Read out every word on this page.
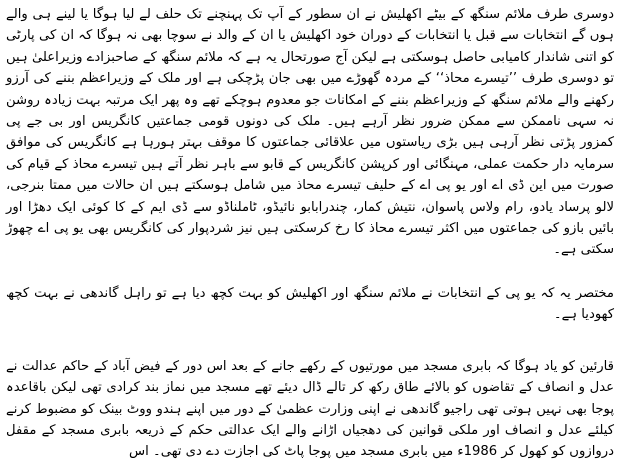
دوسری طرف ملائم سنگھ کے بیٹے اکھلیش نے ان سطور کے آپ تک پہنچنے تک حلف لے لیا ہوگا یا لینے ہی والے ہوں گے انتخابات سے قبل یا انتخابات کے دوران خود اکھلیش یا ان کے والد نے سوچا بھی نہ ہوگا کہ ان کی پارٹی کو اتنی شاندار کامیابی حاصل ہوسکتی ہے لیکن آج صورتحال یہ ہے کہ ملائم سنگھ کے صاحبزادے وزیراعلیٰ ہیں تو دوسری طرف ’’تیسرے محاذ‘‘ کے مردہ گھوڑے میں بھی جان پڑچکی ہے اور ملک کے وزیراعظم بننے کی آرزو رکھنے والے ملائم سنگھ کے وزیراعظم بننے کے امکانات جو معدوم ہوچکے تھے وہ پھر ایک مرتبہ بہت زیادہ روشن نہ سہی ناممکن سے ممکن ضرور نظر آرہے ہیں۔ ملک کی دونوں قومی جماعتیں کانگریس اور بی جے پی کمزور پڑتی نظر آرہی ہیں بڑی ریاستوں میں علاقائی جماعتوں کا موقف بہتر ہورہا ہے کانگریس کی موافق سرمایہ دار حکمت عملی، مہنگائی اور کرپشن کانگریس کے قابو سے باہر نظر آتے ہیں تیسرے محاذ کے قیام کی صورت میں این ڈی اے اور یو پی اے کے حلیف تیسرے محاذ میں شامل ہوسکتے ہیں ان حالات میں ممتا بنرجی، لالو پرساد یادو، رام ولاس پاسوان، نتیش کمار، چندرابابو نائیڈو، ٹاملناڈو سے ڈی ایم کے کا کوئی ایک دھڑا اور بائیں بازو کی جماعتوں میں اکثر تیسرے محاذ کا رخ کرسکتی ہیں نیز شردپوار کی کانگریس بھی یو پی اے چھوڑ سکتی ہے۔

مختصر یہ کہ یو پی کے انتخابات نے ملائم سنگھ اور اکھلیش کو بہت کچھ دیا ہے تو راہل گاندھی نے بہت کچھ کھودیا ہے۔

قارئین کو یاد ہوگا کہ بابری مسجد میں مورتیوں کے رکھے جانے کے بعد اس دور کے فیض آباد کے حاکم عدالت نے عدل و انصاف کے تقاضوں کو بالائے طاق رکھ کر تالے ڈال دیئے تھے مسجد میں نماز بند کرادی تھی لیکن باقاعدہ پوجا بھی نہیں ہوتی تھی راجیو گاندھی نے اپنی وزارت عظمیٰ کے دور میں اپنے ہندو ووٹ بینک کو مضبوط کرنے کیلئے عدل و انصاف اور ملکی قوانین کی دھجیاں اڑانے والے ایک عدالتی حکم کے ذریعہ بابری مسجد کے مقفل دروازوں کو کھول کر 1986ء میں بابری مسجد میں پوجا پاٹ کی اجازت دے دی تھی۔ اس
